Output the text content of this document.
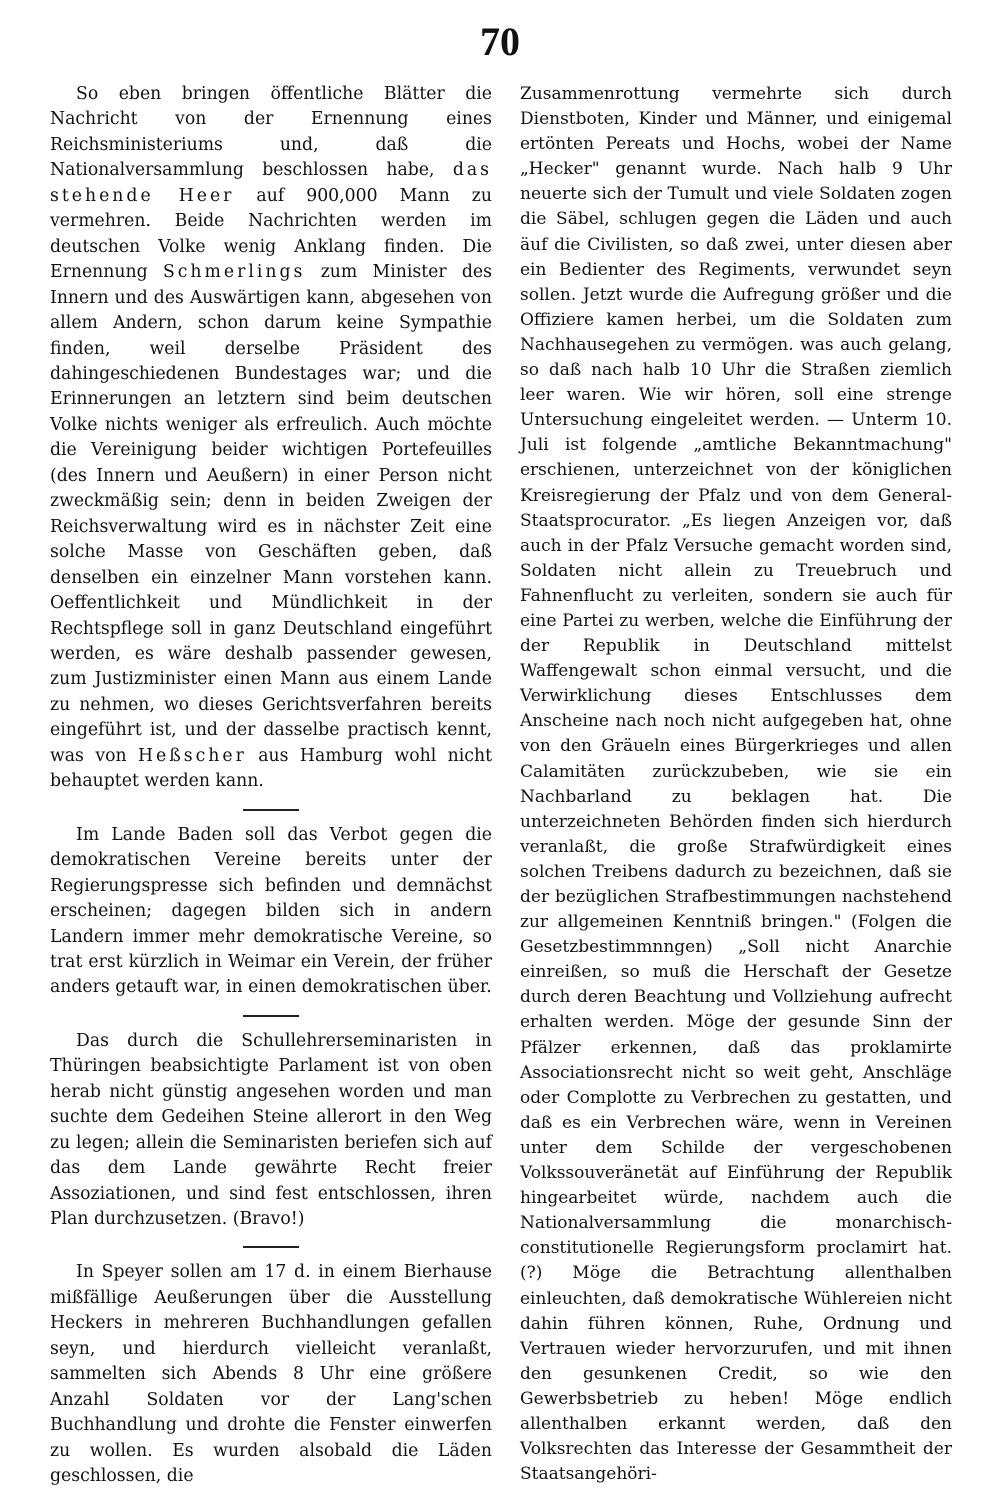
70

So eben bringen öffentliche Blätter die Nachricht von der Ernennung eines Reichsministeriums und, daß die Nationalversammlung beschlossen habe, das stehende Heer auf 900,000 Mann zu vermehren. Beide Nachrichten werden im deutschen Volke wenig Anklang finden. Die Ernennung Schmerlings zum Minister des Innern und des Auswärtigen kann, abgesehen von allem Andern, schon darum keine Sympathie finden, weil derselbe Präsident des dahingeschiedenen Bundestages war; und die Erinnerungen an letztern sind beim deutschen Volke nichts weniger als erfreulich. Auch möchte die Vereinigung beider wichtigen Portefeuilles (des Innern und Aeußern) in einer Person nicht zweckmäßig sein; denn in beiden Zweigen der Reichsverwaltung wird es in nächster Zeit eine solche Masse von Geschäften geben, daß denselben ein einzelner Mann vorstehen kann. Oeffentlichkeit und Mündlichkeit in der Rechtspflege soll in ganz Deutschland eingeführt werden, es wäre deshalb passender gewesen, zum Justizminister einen Mann aus einem Lande zu nehmen, wo dieses Gerichtsverfahren bereits eingeführt ist, und der dasselbe practisch kennt, was von Heßscher aus Hamburg wohl nicht behauptet werden kann.

Im Lande Baden soll das Verbot gegen die demokratischen Vereine bereits unter der Regierungspresse sich befinden und demnächst erscheinen; dagegen bilden sich in andern Landern immer mehr demokratische Vereine, so trat erst kürzlich in Weimar ein Verein, der früher anders getauft war, in einen demokratischen über.

Das durch die Schullehrerseminaristen in Thüringen beabsichtigte Parlament ist von oben herab nicht günstig angesehen worden und man suchte dem Gedeihen Steine allerort in den Weg zu legen; allein die Seminaristen beriefen sich auf das dem Lande gewährte Recht freier Assoziationen, und sind fest entschlossen, ihren Plan durchzusetzen. (Bravo!)

In Speyer sollen am 17 d. in einem Bierhause mißfällige Aeußerungen über die Ausstellung Heckers in mehreren Buchhandlungen gefallen seyn, und hierdurch vielleicht veranlaßt, sammelten sich Abends 8 Uhr eine größere Anzahl Soldaten vor der Lang'schen Buchhandlung und drohte die Fenster einwerfen zu wollen. Es wurden alsobald die Läden geschlossen, die

Zusammenrottung vermehrte sich durch Dienstboten, Kinder und Männer, und einigemal ertönten Pereats und Hochs, wobei der Name „Hecker" genannt wurde. Nach halb 9 Uhr neuerte sich der Tumult und viele Soldaten zogen die Säbel, schlugen gegen die Läden und auch äuf die Civilisten, so daß zwei, unter diesen aber ein Bedienter des Regiments, verwundet seyn sollen. Jetzt wurde die Aufregung größer und die Offiziere kamen herbei, um die Soldaten zum Nachhausegehen zu vermögen. was auch gelang, so daß nach halb 10 Uhr die Straßen ziemlich leer waren. Wie wir hören, soll eine strenge Untersuchung eingeleitet werden. — Unterm 10. Juli ist folgende „amtliche Bekanntmachung" erschienen, unterzeichnet von der königlichen Kreisregierung der Pfalz und von dem General-Staatsprocurator. „Es liegen Anzeigen vor, daß auch in der Pfalz Versuche gemacht worden sind, Soldaten nicht allein zu Treuebruch und Fahnenflucht zu verleiten, sondern sie auch für eine Partei zu werben, welche die Einführung der der Republik in Deutschland mittelst Waffengewalt schon einmal versucht, und die Verwirklichung dieses Entschlusses dem Anscheine nach noch nicht aufgegeben hat, ohne von den Gräueln eines Bürgerkrieges und allen Calamitäten zurückzubeben, wie sie ein Nachbarland zu beklagen hat. Die unterzeichneten Behörden finden sich hierdurch veranlaßt, die große Strafwürdigkeit eines solchen Treibens dadurch zu bezeichnen, daß sie der bezüglichen Strafbestimmungen nachstehend zur allgemeinen Kenntniß bringen." (Folgen die Gesetzbestimmnngen) „Soll nicht Anarchie einreißen, so muß die Herschaft der Gesetze durch deren Beachtung und Vollziehung aufrecht erhalten werden. Möge der gesunde Sinn der Pfälzer erkennen, daß das proklamirte Associationsrecht nicht so weit geht, Anschläge oder Complotte zu Verbrechen zu gestatten, und daß es ein Verbrechen wäre, wenn in Vereinen unter dem Schilde der vergeschobenen Volkssouveränetät auf Einführung der Republik hingearbeitet würde, nachdem auch die Nationalversammlung die monarchisch-constitutionelle Regierungsform proclamirt hat. (?) Möge die Betrachtung allenthalben einleuchten, daß demokratische Wühlereien nicht dahin führen können, Ruhe, Ordnung und Vertrauen wieder hervorzurufen, und mit ihnen den gesunkenen Credit, so wie den Gewerbsbetrieb zu heben! Möge endlich allenthalben erkannt werden, daß den Volksrechten das Interesse der Gesammtheit der Staatsangehöri-
